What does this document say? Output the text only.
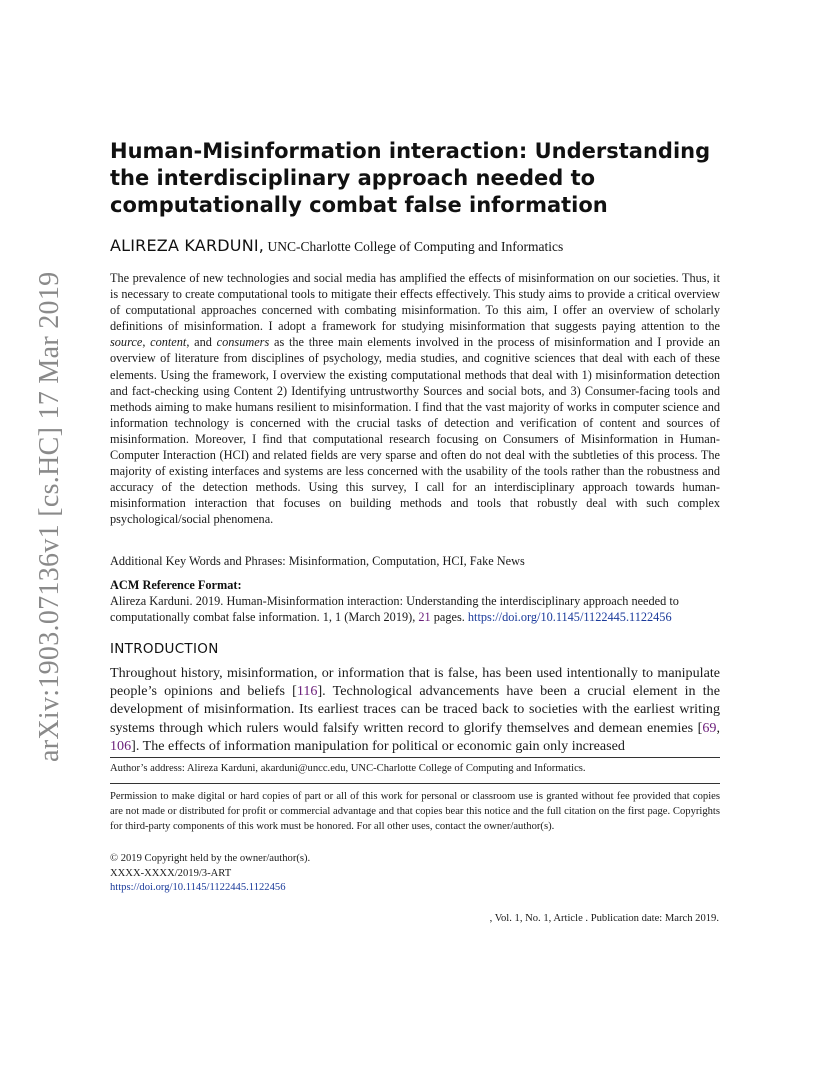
arXiv:1903.07136v1 [cs.HC] 17 Mar 2019
Human-Misinformation interaction: Understanding the interdisciplinary approach needed to computationally combat false information
ALIREZA KARDUNI, UNC-Charlotte College of Computing and Informatics

The prevalence of new technologies and social media has amplified the effects of misinformation on our societies. Thus, it is necessary to create computational tools to mitigate their effects effectively. This study aims to provide a critical overview of computational approaches concerned with combating misinformation. To this aim, I offer an overview of scholarly definitions of misinformation. I adopt a framework for studying misinformation that suggests paying attention to the source, content, and consumers as the three main elements involved in the process of misinformation and I provide an overview of literature from disciplines of psychology, media studies, and cognitive sciences that deal with each of these elements. Using the framework, I overview the existing computational methods that deal with 1) misinformation detection and fact-checking using Content 2) Identifying untrustworthy Sources and social bots, and 3) Consumer-facing tools and methods aiming to make humans resilient to misinformation. I find that the vast majority of works in computer science and information technology is concerned with the crucial tasks of detection and verification of content and sources of misinformation. Moreover, I find that computational research focusing on Consumers of Misinformation in Human-Computer Interaction (HCI) and related fields are very sparse and often do not deal with the subtleties of this process. The majority of existing interfaces and systems are less concerned with the usability of the tools rather than the robustness and accuracy of the detection methods. Using this survey, I call for an interdisciplinary approach towards human-misinformation interaction that focuses on building methods and tools that robustly deal with such complex psychological/social phenomena.

Additional Key Words and Phrases: Misinformation, Computation, HCI, Fake News
ACM Reference Format:

Alireza Karduni. 2019. Human-Misinformation interaction: Understanding the interdisciplinary approach needed to computationally combat false information. 1, 1 (March 2019), 21 pages. https://doi.org/10.1145/1122445.1122456

INTRODUCTION

Throughout history, misinformation, or information that is false, has been used intentionally to manipulate people’s opinions and beliefs [116]. Technological advancements have been a crucial element in the development of misinformation. Its earliest traces can be traced back to societies with the earliest writing systems through which rulers would falsify written record to glorify themselves and demean enemies [69, 106]. The effects of information manipulation for political or economic gain only increased

Author’s address: Alireza Karduni, akarduni@uncc.edu, UNC-Charlotte College of Computing and Informatics.

Permission to make digital or hard copies of part or all of this work for personal or classroom use is granted without fee provided that copies are not made or distributed for profit or commercial advantage and that copies bear this notice and the full citation on the first page. Copyrights for third-party components of this work must be honored. For all other uses, contact the owner/author(s).

© 2019 Copyright held by the owner/author(s).
XXXX-XXXX/2019/3-ART
https://doi.org/10.1145/1122445.1122456
, Vol. 1, No. 1, Article . Publication date: March 2019.
